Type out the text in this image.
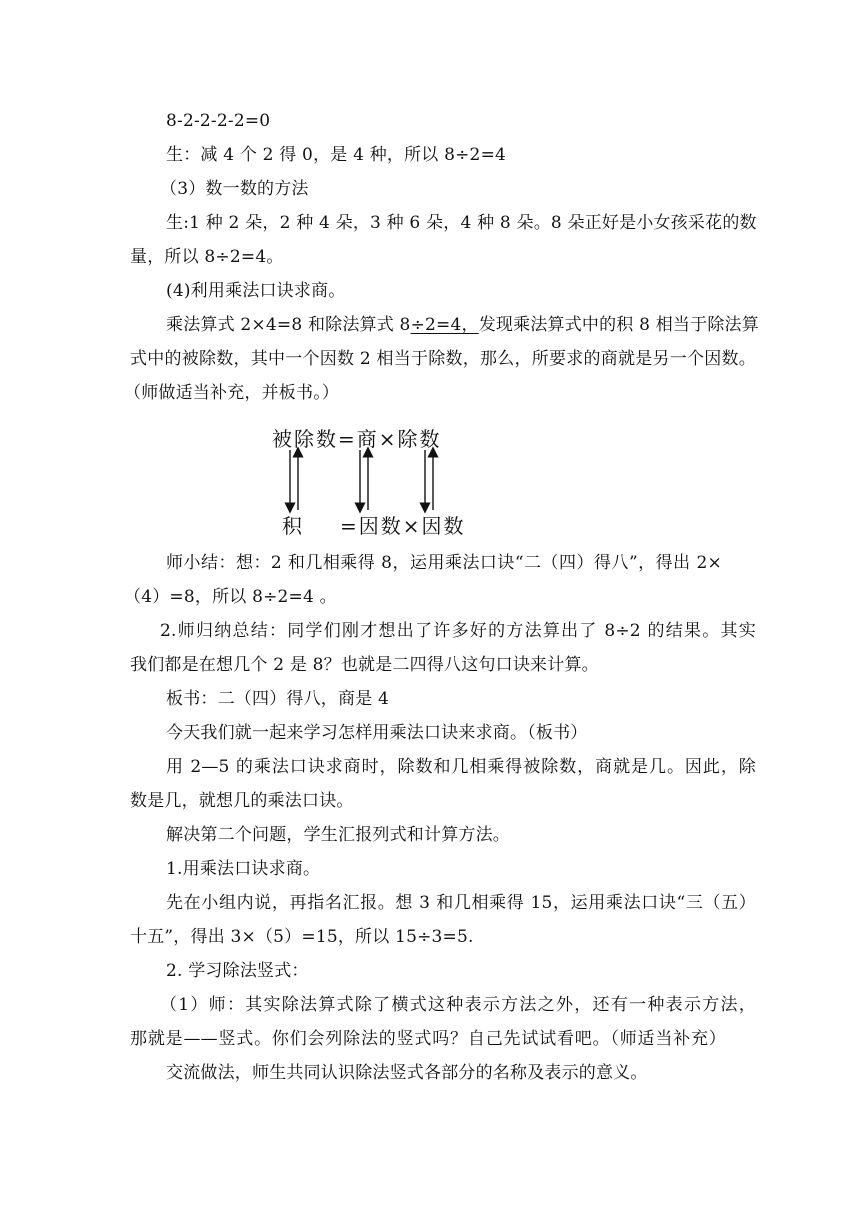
8-2-2-2-2=0
生：减 4 个 2 得 0，是 4 种，所以 8÷2=4
（3）数一数的方法
生:1 种 2 朵，2 种 4 朵，3 种 6 朵，4 种 8 朵。8 朵正好是小女孩采花的数
量，所以 8÷2=4。
(4)利用乘法口诀求商。
乘法算式 2×4=8 和除法算式 8÷2=4，发现乘法算式中的积 8 相当于除法算
式中的被除数，其中一个因数 2 相当于除数，那么，所要求的商就是另一个因数。
（师做适当补充，并板书。）
被除数=商×除数
积 =因数×因数
师小结：想：2 和几相乘得 8，运用乘法口诀“二（四）得八”，得出 2×
（4）=8，所以 8÷2=4 。
2.师归纳总结：同学们刚才想出了许多好的方法算出了 8÷2 的结果。其实
我们都是在想几个 2 是 8？也就是二四得八这句口诀来计算。
板书：二（四）得八，商是 4
今天我们就一起来学习怎样用乘法口诀来求商。（板书）
用 2—5 的乘法口诀求商时，除数和几相乘得被除数，商就是几。因此，除
数是几，就想几的乘法口诀。
解决第二个问题，学生汇报列式和计算方法。
1.用乘法口诀求商。
先在小组内说，再指名汇报。想 3 和几相乘得 15，运用乘法口诀“三（五）
十五”，得出 3×（5）=15，所以 15÷3=5.
2. 学习除法竖式：
（1）师：其实除法算式除了横式这种表示方法之外，还有一种表示方法，
那就是——竖式。你们会列除法的竖式吗？自己先试试看吧。（师适当补充）
交流做法，师生共同认识除法竖式各部分的名称及表示的意义。
